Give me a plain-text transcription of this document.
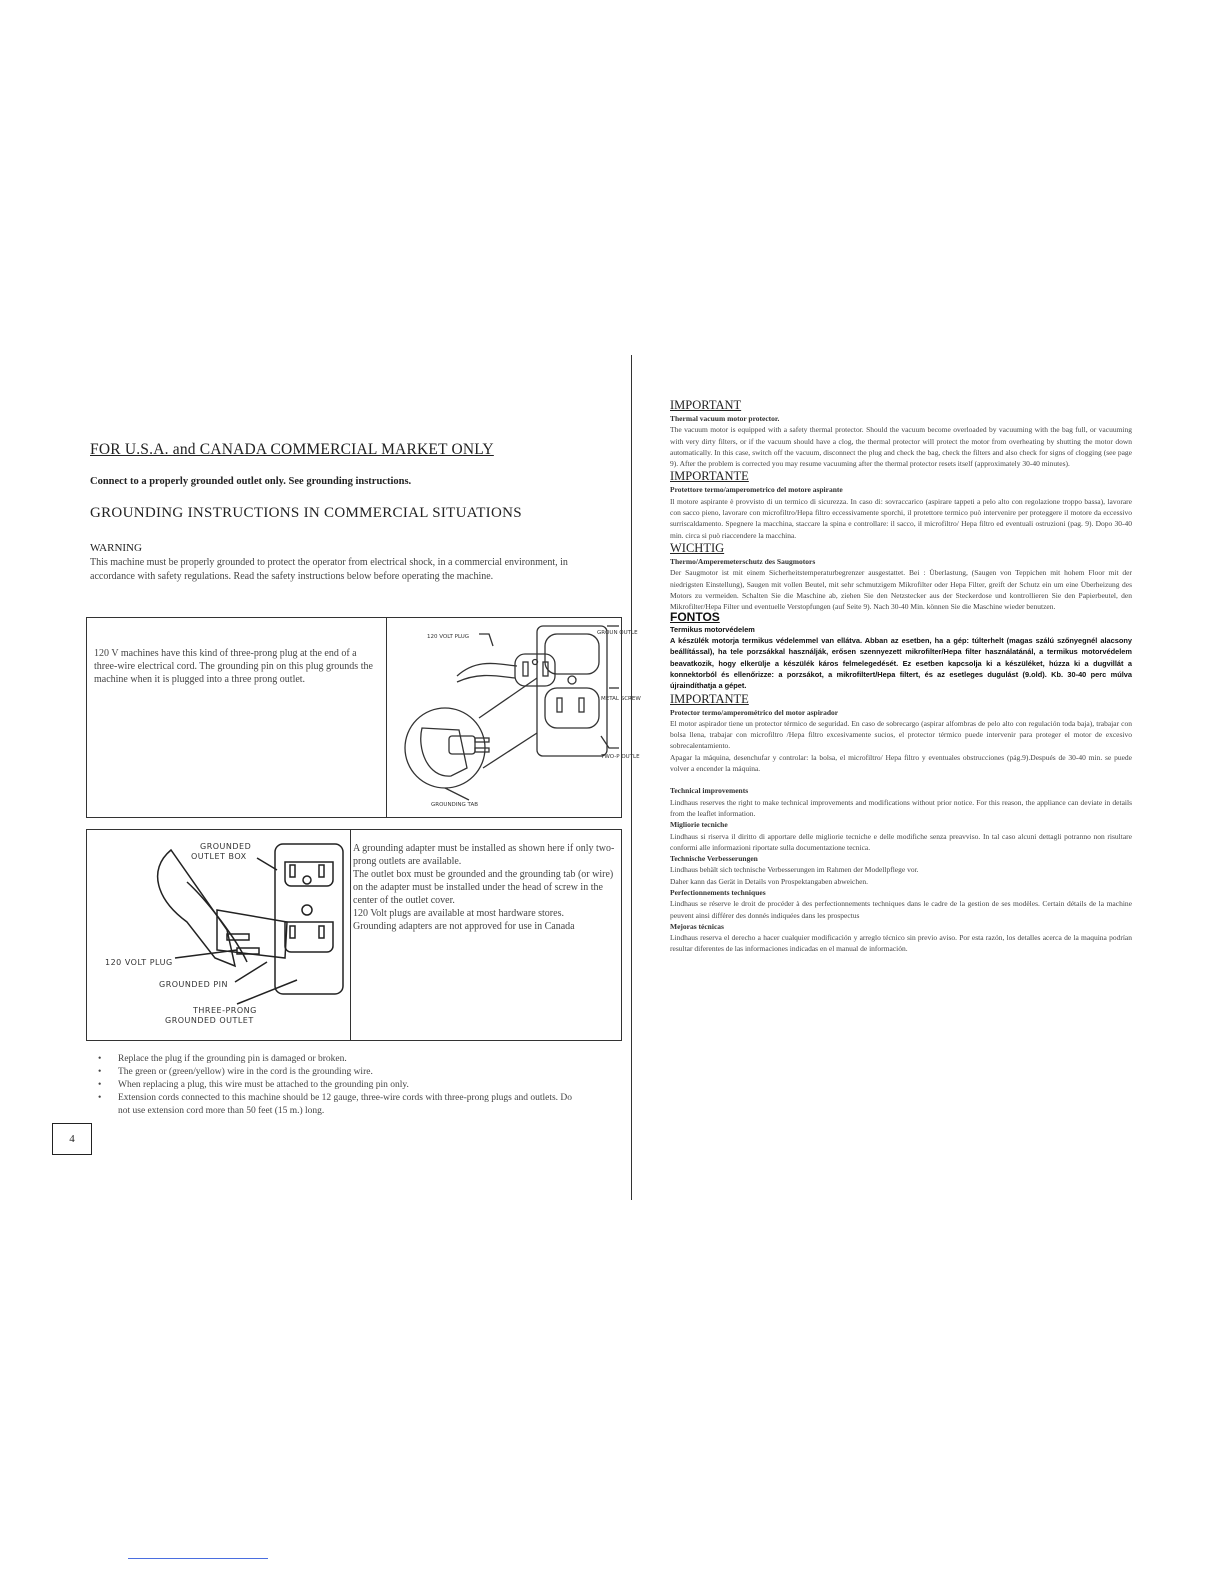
FOR U.S.A. and CANADA COMMERCIAL MARKET ONLY
Connect to a properly grounded outlet only. See grounding instructions.
GROUNDING INSTRUCTIONS IN COMMERCIAL SITUATIONS
WARNING
This machine must be properly grounded to protect the operator from electrical shock, in a commercial environment, in accordance with safety regulations. Read the safety instructions below before operating the machine.
120 V machines have this kind of three-prong plug at the end of a three-wire electrical cord. The grounding pin on this plug grounds the machine when it is plugged into a three prong outlet.
120 VOLT PLUG
GROUN OUTLE
METAL SCREW
TWO-P OUTLE
GROUNDING TAB
GROUNDED
OUTLET BOX
120 VOLT PLUG
GROUNDED PIN
THREE-PRONG
GROUNDED OUTLET

A grounding adapter must be installed as shown here if only two-prong outlets are available.

The outlet box must be grounded and the grounding tab (or wire) on the adapter must be installed under the head of screw in the center of the outlet cover.

120 Volt plugs are available at most hardware stores.

Grounding adapters are not approved for use in Canada

• Replace the plug if the grounding pin is damaged or broken.
• The green or (green/yellow) wire in the cord is the grounding wire.
• When replacing a plug, this wire must be attached to the grounding pin only.
• Extension cords connected to this machine should be 12 gauge, three-wire cords with three-prong plugs and outlets. Do not use extension cord more than 50 feet (15 m.) long.
4
IMPORTANT
Thermal vacuum motor protector.

The vacuum motor is equipped with a safety thermal protector. Should the vacuum become overloaded by vacuuming with the bag full, or vacuuming with very dirty filters, or if the vacuum should have a clog, the thermal protector will protect the motor from overheating by shutting the motor down automatically. In this case, switch off the vacuum, disconnect the plug and check the bag, check the filters and also check for signs of clogging (see page 9). After the problem is corrected you may resume vacuuming after the thermal protector resets itself (approximately 30-40 minutes).

IMPORTANTE
Protettore termo/amperometrico del motore aspirante

Il motore aspirante è provvisto di un termico di sicurezza. In caso di: sovraccarico (aspirare tappeti a pelo alto con regolazione troppo bassa), lavorare con sacco pieno, lavorare con microfiltro/Hepa filtro eccessivamente sporchi, il protettore termico può intervenire per proteggere il motore da eccessivo surriscaldamento. Spegnere la macchina, staccare la spina e controllare: il sacco, il microfiltro/ Hepa filtro ed eventuali ostruzioni (pag. 9). Dopo 30-40 min. circa si può riaccendere la macchina.

WICHTIG
Thermo/Amperemeterschutz des Saugmotors

Der Saugmotor ist mit einem Sicherheitstemperaturbegrenzer ausgestattet. Bei : Überlastung, (Saugen von Teppichen mit hohem Floor mit der niedrigsten Einstellung), Saugen mit vollen Beutel, mit sehr schmutzigem Mikrofilter oder Hepa Filter, greift der Schutz ein um eine Überheizung des Motors zu vermeiden. Schalten Sie die Maschine ab, ziehen Sie den Netzstecker aus der Steckerdose und kontrollieren Sie den Papierbeutel, den Mikrofilter/Hepa Filter und eventuelle Verstopfungen (auf Seite 9). Nach 30-40 Min. können Sie die Maschine wieder benutzen.

FONTOS
Termikus motorvédelem

A készülék motorja termikus védelemmel van ellátva. Abban az esetben, ha a gép: túlterhelt (magas szálú szőnyegnél alacsony beállítással), ha tele porzsákkal használják, erősen szennyezett mikrofilter/Hepa filter használatánál, a termikus motorvédelem beavatkozik, hogy elkerülje a készülék káros felmelegedését. Ez esetben kapcsolja ki a készüléket, húzza ki a dugvillát a konnektorból és ellenőrizze: a porzsákot, a mikrofiltert/Hepa filtert, és az esetleges dugulást (9.old). Kb. 30-40 perc múlva újraindíthatja a gépet.

IMPORTANTE
Protector termo/amperométrico del motor aspirador

El motor aspirador tiene un protector térmico de seguridad. En caso de sobrecargo (aspirar alfombras de pelo alto con regulación toda baja), trabajar con bolsa llena, trabajar con microfiltro /Hepa filtro excesivamente sucios, el protector térmico puede intervenir para proteger el motor de excesivo sobrecalentamiento.

Apagar la máquina, desenchufar y controlar: la bolsa, el microfiltro/ Hepa filtro y eventuales obstrucciones (pág.9).Después de 30-40 min. se puede volver a encender la máquina.

Technical improvements

Lindhaus reserves the right to make technical improvements and modifications without prior notice. For this reason, the appliance can deviate in details from the leaflet information.

Migliorie tecniche

Lindhaus si riserva il diritto di apportare delle migliorie tecniche e delle modifiche senza preavviso. In tal caso alcuni dettagli potranno non risultare conformi alle informazioni riportate sulla documentazione tecnica.

Technische Verbesserungen

Lindhaus behält sich technische Verbesserungen im Rahmen der Modellpflege vor.

Daher kann das Gerät in Details von Prospektangaben abweichen.

Perfectionnements techniques

Lindhaus se réserve le droit de procéder à des perfectionnements techniques dans le cadre de la gestion de ses modèles. Certain détails de la machine peuvent ainsi différer des donnés indiquées dans les prospectus

Mejoras técnicas

Lindhaus reserva el derecho a hacer cualquier modificación y arreglo técnico sin previo aviso. Por esta razón, los detalles acerca de la maquina podrían resultar diferentes de las informaciones indicadas en el manual de información.
